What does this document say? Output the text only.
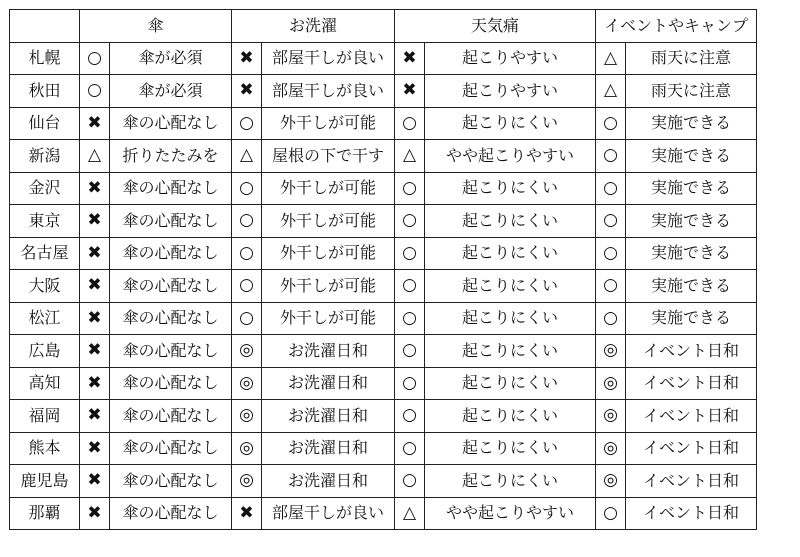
	傘		お洗濯		天気痛		イベントやキャンプ	
札幌	○	傘が必須	✖	部屋干しが良い	✖	起こりやすい	△	雨天に注意
秋田	○	傘が必須	✖	部屋干しが良い	✖	起こりやすい	△	雨天に注意
仙台	✖	傘の心配なし	○	外干しが可能	○	起こりにくい	○	実施できる
新潟	△	折りたたみを	△	屋根の下で干す	△	やや起こりやすい	○	実施できる
金沢	✖	傘の心配なし	○	外干しが可能	○	起こりにくい	○	実施できる
東京	✖	傘の心配なし	○	外干しが可能	○	起こりにくい	○	実施できる
名古屋	✖	傘の心配なし	○	外干しが可能	○	起こりにくい	○	実施できる
大阪	✖	傘の心配なし	○	外干しが可能	○	起こりにくい	○	実施できる
松江	✖	傘の心配なし	○	外干しが可能	○	起こりにくい	○	実施できる
広島	✖	傘の心配なし	◎	お洗濯日和	○	起こりにくい	◎	イベント日和
高知	✖	傘の心配なし	◎	お洗濯日和	○	起こりにくい	◎	イベント日和
福岡	✖	傘の心配なし	◎	お洗濯日和	○	起こりにくい	◎	イベント日和
熊本	✖	傘の心配なし	◎	お洗濯日和	○	起こりにくい	◎	イベント日和
鹿児島	✖	傘の心配なし	◎	お洗濯日和	○	起こりにくい	◎	イベント日和
那覇	✖	傘の心配なし	✖	部屋干しが良い	△	やや起こりやすい	○	イベント日和
